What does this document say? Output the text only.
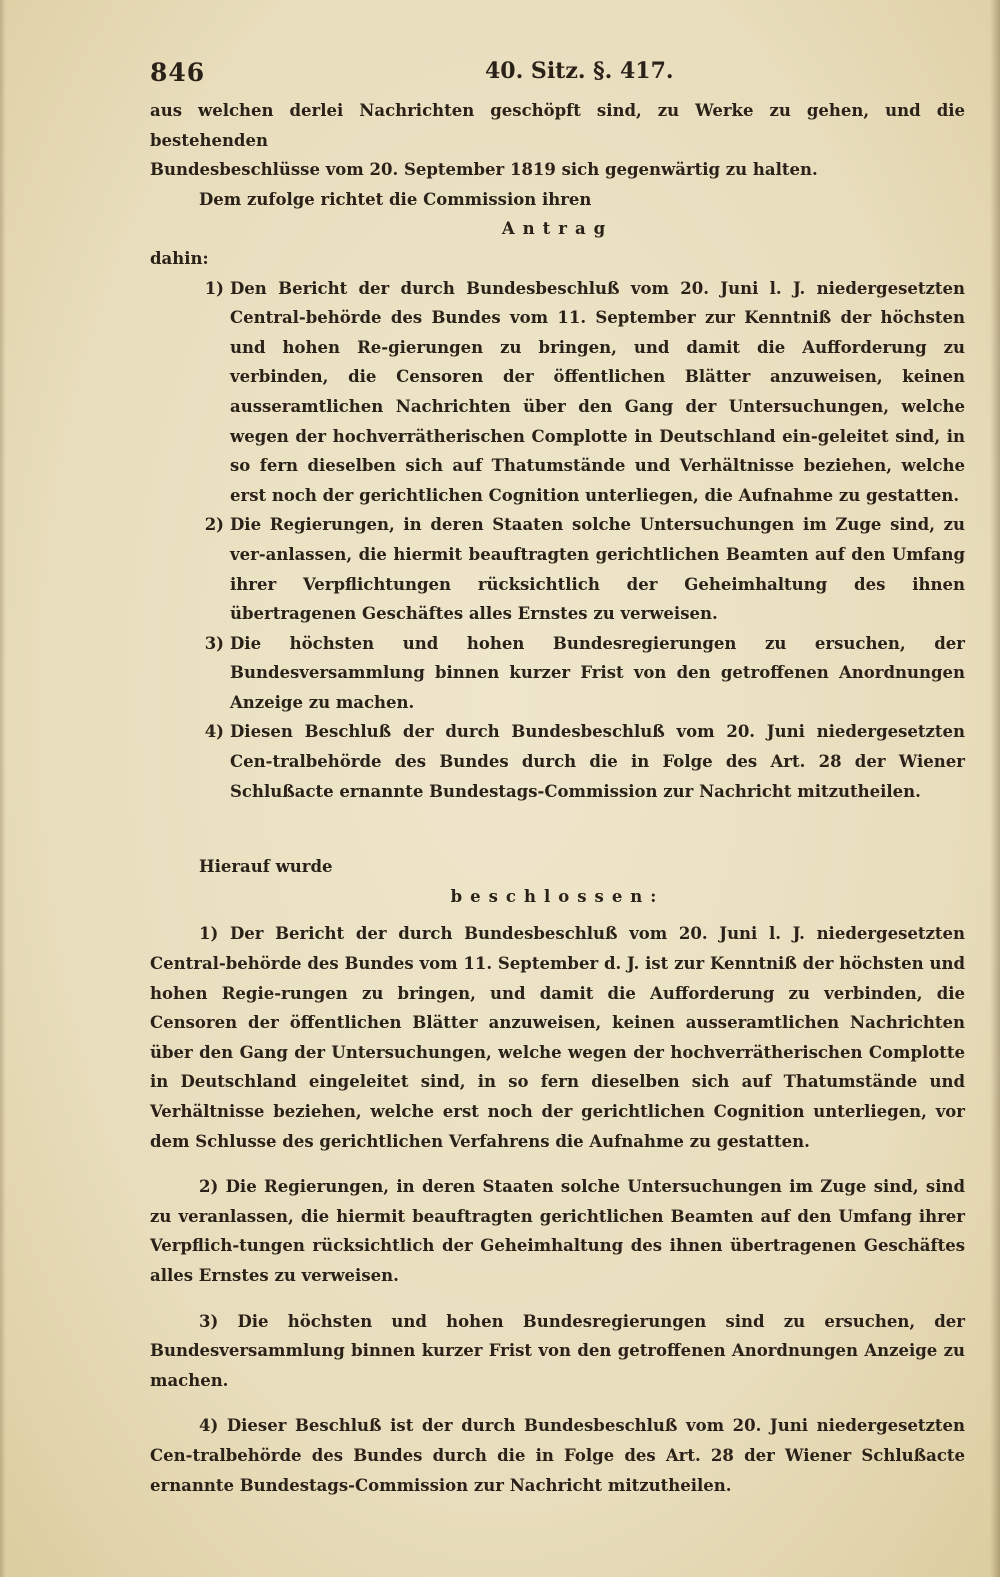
846	40. Sitz. §. 417.

aus welchen derlei Nachrichten geschöpft sind, zu Werke zu gehen, und die bestehenden

Bundesbeschlüsse vom 20. September 1819 sich gegenwärtig zu halten.

Dem zufolge richtet die Commission ihren

Antrag

dahin:

1) Den Bericht der durch Bundesbeschluß vom 20. Juni l. J. niedergesetzten Central-behörde des Bundes vom 11. September zur Kenntniß der höchsten und hohen Re-gierungen zu bringen, und damit die Aufforderung zu verbinden, die Censoren der öffentlichen Blätter anzuweisen, keinen ausseramtlichen Nachrichten über den Gang der Untersuchungen, welche wegen der hochverrätherischen Complotte in Deutschland ein-geleitet sind, in so fern dieselben sich auf Thatumstände und Verhältnisse beziehen, welche erst noch der gerichtlichen Cognition unterliegen, die Aufnahme zu gestatten.
2) Die Regierungen, in deren Staaten solche Untersuchungen im Zuge sind, zu ver-anlassen, die hiermit beauftragten gerichtlichen Beamten auf den Umfang ihrer Verpflichtungen rücksichtlich der Geheimhaltung des ihnen übertragenen Geschäftes alles Ernstes zu verweisen.
3) Die höchsten und hohen Bundesregierungen zu ersuchen, der Bundesversammlung binnen kurzer Frist von den getroffenen Anordnungen Anzeige zu machen.
4) Diesen Beschluß der durch Bundesbeschluß vom 20. Juni niedergesetzten Cen-tralbehörde des Bundes durch die in Folge des Art. 28 der Wiener Schlußacte ernannte Bundestags-Commission zur Nachricht mitzutheilen.

Hierauf wurde

beschlossen:

1) Der Bericht der durch Bundesbeschluß vom 20. Juni l. J. niedergesetzten Central-behörde des Bundes vom 11. September d. J. ist zur Kenntniß der höchsten und hohen Regie-rungen zu bringen, und damit die Aufforderung zu verbinden, die Censoren der öffentlichen Blätter anzuweisen, keinen ausseramtlichen Nachrichten über den Gang der Untersuchungen, welche wegen der hochverrätherischen Complotte in Deutschland eingeleitet sind, in so fern dieselben sich auf Thatumstände und Verhältnisse beziehen, welche erst noch der gerichtlichen Cognition unterliegen, vor dem Schlusse des gerichtlichen Verfahrens die Aufnahme zu gestatten.

2) Die Regierungen, in deren Staaten solche Untersuchungen im Zuge sind, sind zu veranlassen, die hiermit beauftragten gerichtlichen Beamten auf den Umfang ihrer Verpflich-tungen rücksichtlich der Geheimhaltung des ihnen übertragenen Geschäftes alles Ernstes zu verweisen.

3) Die höchsten und hohen Bundesregierungen sind zu ersuchen, der Bundesversammlung binnen kurzer Frist von den getroffenen Anordnungen Anzeige zu machen.

4) Dieser Beschluß ist der durch Bundesbeschluß vom 20. Juni niedergesetzten Cen-tralbehörde des Bundes durch die in Folge des Art. 28 der Wiener Schlußacte ernannte Bundestags-Commission zur Nachricht mitzutheilen.
